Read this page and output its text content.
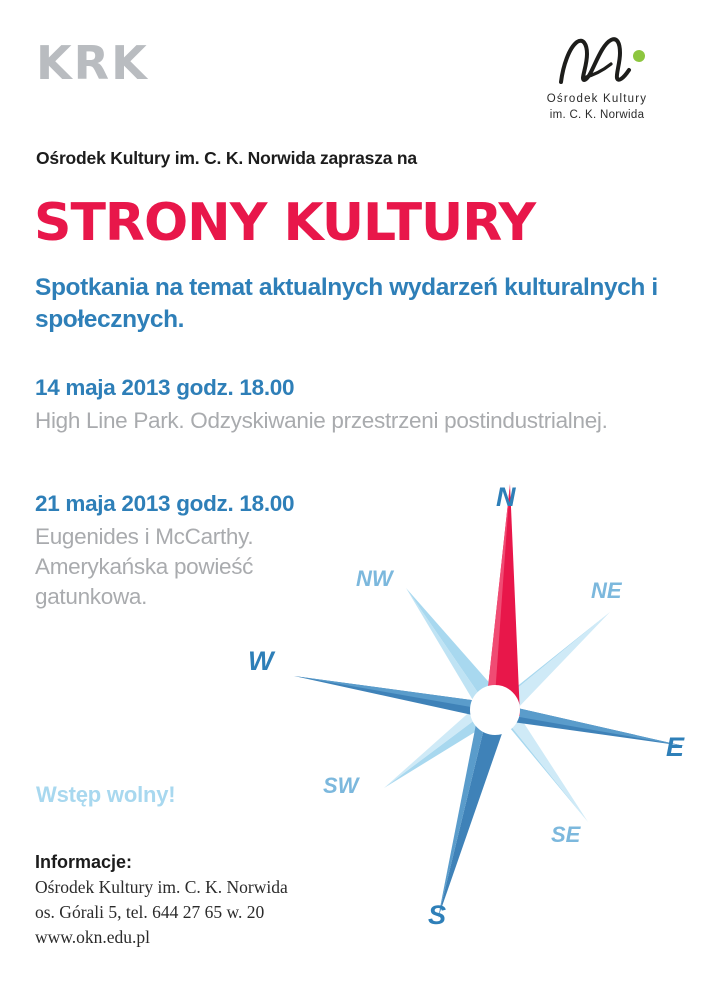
KRK
Ośrodek Kultury
im. C. K. Norwida
Ośrodek Kultury im. C. K. Norwida zaprasza na
STRONY KULTURY
Spotkania na temat aktualnych wydarzeń kulturalnych i społecznych.
14 maja 2013 godz. 18.00
High Line Park. Odzyskiwanie przestrzeni postindustrialnej.
21 maja 2013 godz. 18.00
Eugenides i McCarthy. Amerykańska powieść gatunkowa.
Wstęp wolny!
Informacje:
Ośrodek Kultury im. C. K. Norwida
os. Górali 5, tel. 644 27 65 w. 20
www.okn.edu.pl
N
S
E
W
NE
NW
SE
SW
